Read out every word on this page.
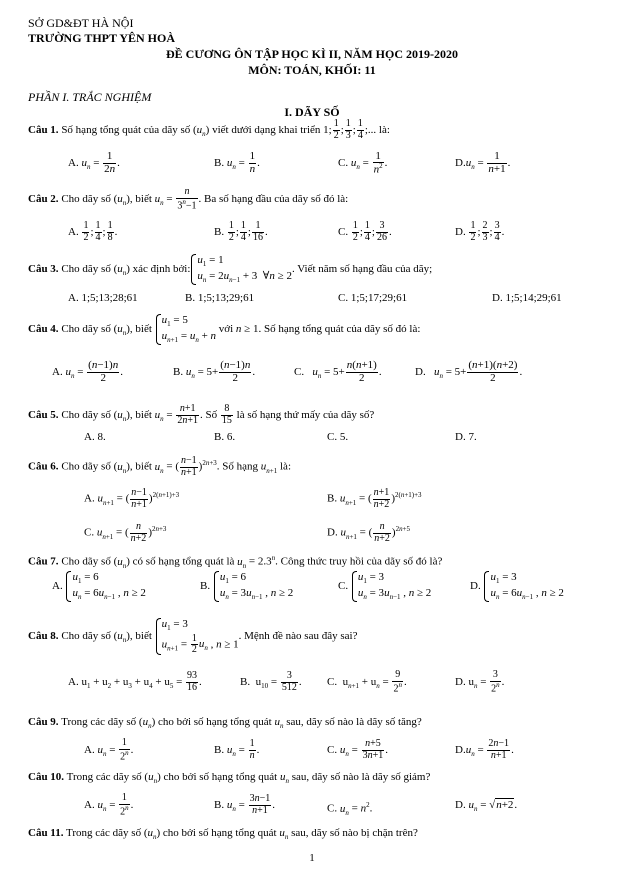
SỞ GD&ĐT HÀ NỘI
TRƯỜNG THPT YÊN HOÀ
ĐỀ CƯƠNG ÔN TẬP HỌC KÌ II, NĂM HỌC 2019-2020
MÔN: TOÁN, KHỐI: 11
PHẦN I. TRẮC NGHIỆM
I. DÃY SỐ
Câu 1. Số hạng tổng quát của dãy số $(u_n)$ viết dưới dạng khai triển 1; $\frac{1}{2}$ ; $\frac{1}{3}$ ; $\frac{1}{4}$ ;... là:
A. $u_n = \frac{1}{2n}$ .	B. $u_n = \frac{1}{n}$ .	C. $u_n = \frac{1}{n^2}$ .	$D.u_n = \frac{1}{n+1}$ .
Câu 2. Cho dãy số $(u_n)$, biết $u_n = \frac{n}{3^n-1}$ . Ba số hạng đầu của dãy số đó là:
A. $\frac{1}{2}$ ; $\frac{1}{4}$ ; $\frac{1}{8}$ .	B. $\frac{1}{2}$ ; $\frac{1}{4}$ ; $\frac{1}{16}$ .	C. $\frac{1}{2}$ ; $\frac{1}{4}$ ; $\frac{3}{26}$ .	D. $\frac{1}{2}$ ; $\frac{2}{3}$ ; $\frac{3}{4}$ .
Câu 3. Cho dãy số $(u_n)$ xác định bởi:
$u_1 = 1$
$u_n = 2u_{n-1} + 3$  ∀n ≥ 2
. Viết năm số hạng đầu của dãy;
A. 1;5;13;28;61	B. 1;5;13;29;61	C. 1;5;17;29;61	D. 1;5;14;29;61
Câu 4. Cho dãy số $(u_n)$, biết
$u_1 = 5$
$u_{n+1} = u_n + n$
với n ≥ 1. Số hạng tổng quát của dãy số đó là:
A. $u_n = \frac{(n-1)n}{2}$ .	B. $u_n = 5+ \frac{(n-1)n}{2}$ .	C. $u_n = 5+ \frac{n(n+1)}{2}$ .	D. $u_n = 5+ \frac{(n+1)(n+2)}{2}$ .
Câu 5. Cho dãy số $(u_n)$, biết $u_n = \frac{n+1}{2n+1}$ . Số $\frac{8}{15}$ là số hạng thứ mấy của dãy số?
A. 8.	B. 6.	C. 5.	D. 7.
Câu 6. Cho dãy số $(u_n)$, biết $u_n$ = ( $\frac{n-1}{n+1} )^{2n+3}$. Số hạng $u_{n+1}$ là:
A. $u_{n+1}$ = ( $\frac{n-1}{n+1} )^{2(n+1)+3}$	B. $u_{n+1}$ = ( $\frac{n+1}{n+2} )^{2(n+1)+3}$
C. $u_{n+1}$ = ( $\frac{n}{n+2} )^{2n+3}$	D. $u_{n+1}$ = ( $\frac{n}{n+2} )^{2n+5}$
Câu 7. Cho dãy số $(u_n)$ có số hạng tổng quát là $u_n = 2.3^n$. Công thức truy hồi của dãy số đó là?
A.
$u_1 = 6$
$u_n = 6u_{n-1}$ , n ≥ 2
B.
$u_1 = 6$
$u_n = 3u_{n-1}$ , n ≥ 2
C.
$u_1 = 3$
$u_n = 3u_{n-1}$ , n ≥ 2
D.
$u_1 = 3$
$u_n = 6u_{n-1}$ , n ≥ 2
Câu 8. Cho dãy số $(u_n)$, biết
$u_1 = 3$
$u_{n+1} = \frac{1}{2} u_n$ , n ≥ 1
. Mệnh đề nào sau đây sai?
A. $u_1 + u_2 + u_3 + u_4 + u_5 = \frac{93}{16}$ .	B.  $u_{10} = \frac{3}{512}$ . C.  $u_{n+1} + u_n = \frac{9}{2^n}$ .	D. $u_n = \frac{3}{2^n}$ .
Câu 9. Trong các dãy số $(u_n)$ cho bởi số hạng tổng quát $u_n$ sau, dãy số nào là dãy số tăng?
A. $u_n = \frac{1}{2^n}$ .	B. $u_n = \frac{1}{n}$ .	C. $u_n = \frac{n+5}{3n+1}$ .	$D.u_n = \frac{2n-1}{n+1}$ .
Câu 10. Trong các dãy số $(u_n)$ cho bởi số hạng tổng quát $u_n$ sau, dãy số nào là dãy số giảm?
A. $u_n = \frac{1}{2^n}$ .	B. $u_n = \frac{3n-1}{n+1}$ .	C. $u_n = n^2$.	D. $u_n = √n+2$.
Câu 11. Trong các dãy số $(u_n)$ cho bởi số hạng tổng quát $u_n$ sau, dãy số nào bị chặn trên?
1
